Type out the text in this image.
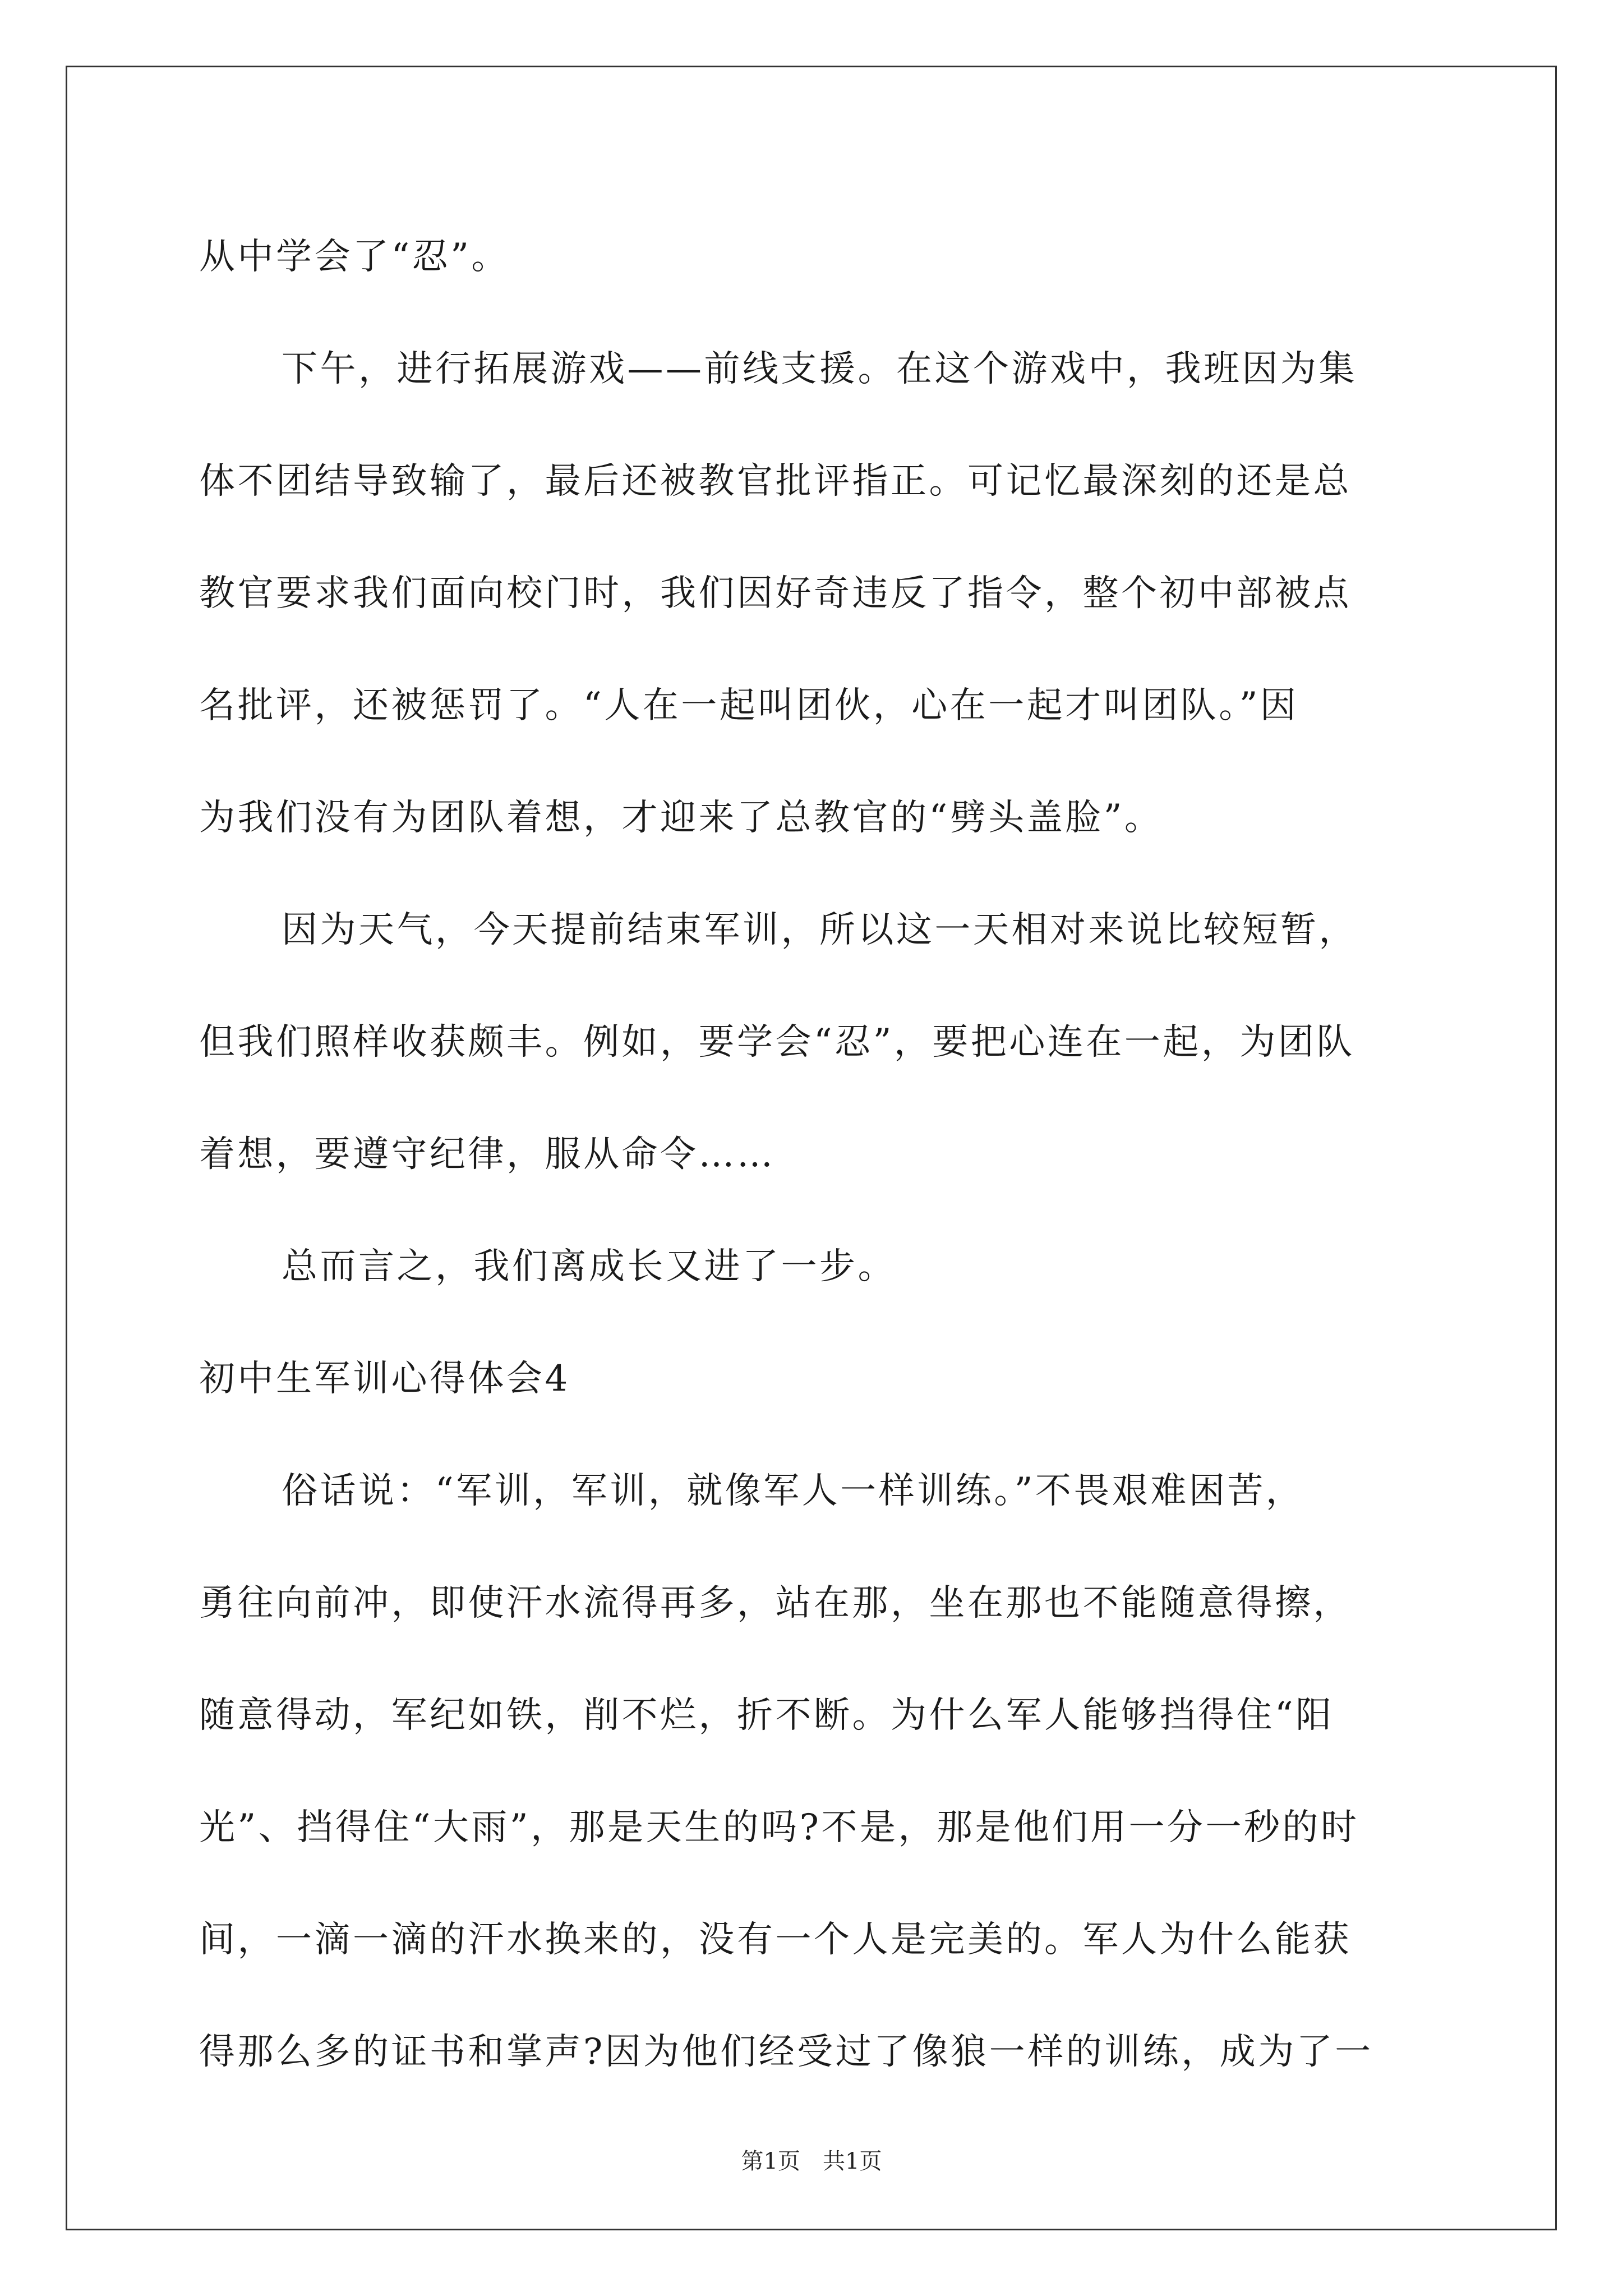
从中学会了“忍”。
下午，进行拓展游戏——前线支援。在这个游戏中，我班因为集
体不团结导致输了，最后还被教官批评指正。可记忆最深刻的还是总
教官要求我们面向校门时，我们因好奇违反了指令，整个初中部被点
名批评，还被惩罚了。“人在一起叫团伙，心在一起才叫团队。”因
为我们没有为团队着想，才迎来了总教官的“劈头盖脸”。
因为天气，今天提前结束军训，所以这一天相对来说比较短暂，
但我们照样收获颇丰。例如，要学会“忍”，要把心连在一起，为团队
着想，要遵守纪律，服从命令……
总而言之，我们离成长又进了一步。
初中生军训心得体会4
俗话说：“军训，军训，就像军人一样训练。”不畏艰难困苦，
勇往向前冲，即使汗水流得再多，站在那，坐在那也不能随意得擦，
随意得动，军纪如铁，削不烂，折不断。为什么军人能够挡得住“阳
光”、挡得住“大雨”，那是天生的吗?不是，那是他们用一分一秒的时
间，一滴一滴的汗水换来的，没有一个人是完美的。军人为什么能获
得那么多的证书和掌声?因为他们经受过了像狼一样的训练，成为了一
第1页　共1页
